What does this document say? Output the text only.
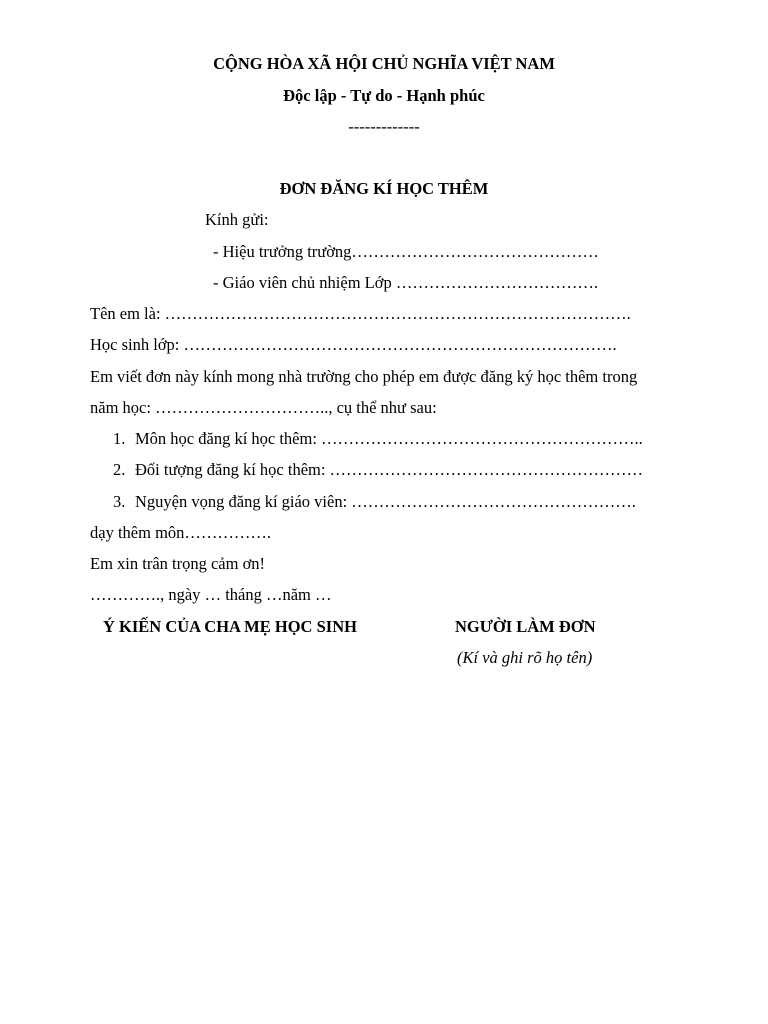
CỘNG HÒA XÃ HỘI CHỦ NGHĨA VIỆT NAM
Độc lập - Tự do - Hạnh phúc
-------------
ĐƠN ĐĂNG KÍ HỌC THÊM
Kính gửi:
- Hiệu trưởng trường………………………………………
- Giáo viên chủ nhiệm Lớp ……………………………….
Tên em là: ………………………………………………………………………….
Học sinh lớp: …………………………………………………………………….
Em viết đơn này kính mong nhà trường cho phép em được đăng ký học thêm trong
năm học: ………………………….., cụ thể như sau:
1. Môn học đăng kí học thêm: …………………………………………………..
2. Đối tượng đăng kí học thêm: …………………………………………………
3. Nguyện vọng đăng kí giáo viên: …………………………………………….
dạy thêm môn…………….
Em xin trân trọng cảm ơn!
…………., ngày … tháng …năm …
Ý KIẾN CỦA CHA MẸ HỌC SINH	NGƯỜI LÀM ĐƠN
(Kí và ghi rõ họ tên)
